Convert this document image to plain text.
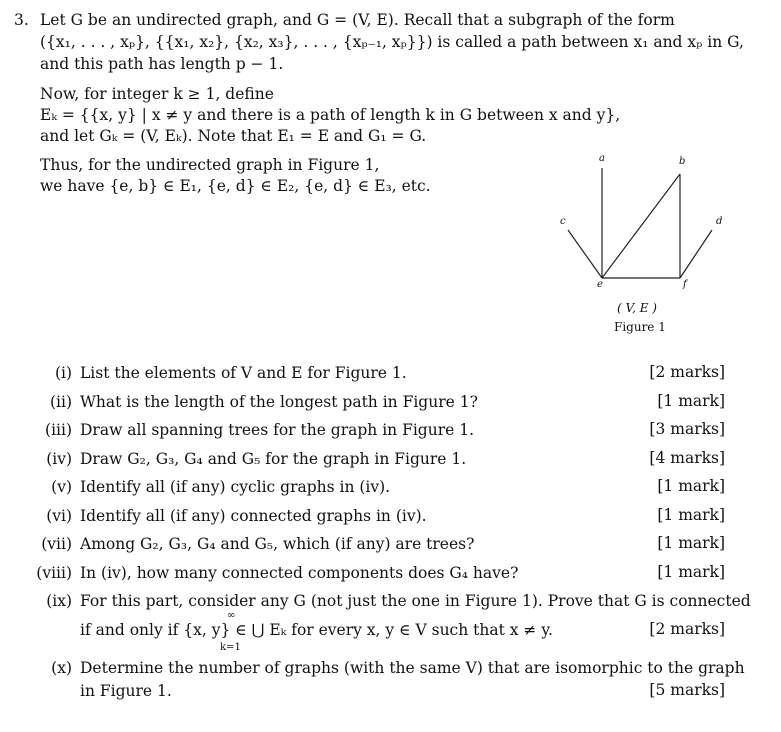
3. Let G be an undirected graph, and G = (V, E). Recall that a subgraph of the form
({x₁, . . . , xₚ}, {{x₁, x₂}, {x₂, x₃}, . . . , {xₚ₋₁, xₚ}}) is called a path between x₁ and xₚ in G,
and this path has length p − 1.
Now, for integer k ≥ 1, define
Eₖ = {{x, y} | x ≠ y and there is a path of length k in G between x and y},
and let Gₖ = (V, Eₖ). Note that E₁ = E and G₁ = G.
Thus, for the undirected graph in Figure 1,
we have {e, b} ∈ E₁, {e, d} ∈ E₂, {e, d} ∈ E₃, etc.
a	b
c	d
e	f
( V, E )
Figure 1
(i) List the elements of V and E for Figure 1.	[2 marks]
(ii) What is the length of the longest path in Figure 1?	[1 mark]
(iii) Draw all spanning trees for the graph in Figure 1.	[3 marks]
(iv) Draw G₂, G₃, G₄ and G₅ for the graph in Figure 1.	[4 marks]
(v) Identify all (if any) cyclic graphs in (iv).	[1 mark]
(vi) Identify all (if any) connected graphs in (iv).	[1 mark]
(vii) Among G₂, G₃, G₄ and G₅, which (if any) are trees?	[1 mark]
(viii) In (iv), how many connected components does G₄ have?	[1 mark]
(ix) For this part, consider any G (not just the one in Figure 1). Prove that G is connected
if and only if {x, y} ∈ ⋃ Eₖ for every x, y ∈ V such that x ≠ y.
∞
k=1
[2 marks]
(x) Determine the number of graphs (with the same V) that are isomorphic to the graph
in Figure 1.	[5 marks]
